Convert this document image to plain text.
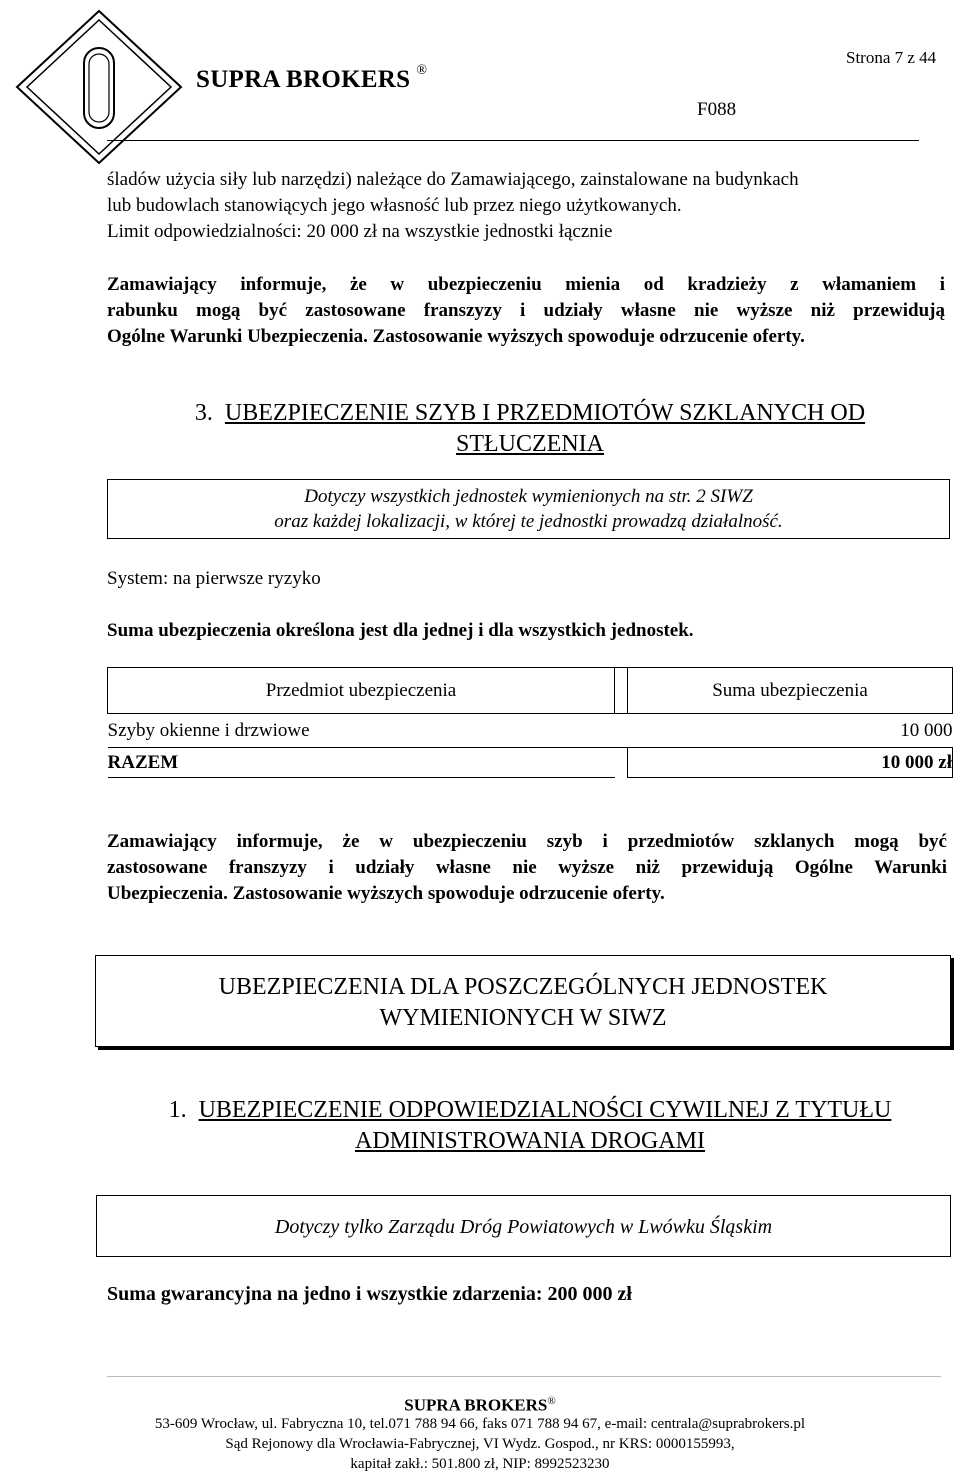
SUPRA BROKERS ®
F088
Strona 7 z 44
śladów użycia siły lub narzędzi) należące do Zamawiającego, zainstalowane na budynkach
lub budowlach stanowiących jego własność lub przez niego użytkowanych.
Limit odpowiedzialności: 20 000 zł na wszystkie jednostki łącznie
Zamawiający informuje, że w ubezpieczeniu mienia od kradzieży z włamaniem i
rabunku mogą być zastosowane franszyzy i udziały własne nie wyższe niż przewidują
Ogólne Warunki Ubezpieczenia. Zastosowanie wyższych spowoduje odrzucenie oferty.
3. UBEZPIECZENIE SZYB I PRZEDMIOTÓW SZKLANYCH OD
STŁUCZENIA
Dotyczy wszystkich jednostek wymienionych na str. 2 SIWZ
oraz każdej lokalizacji, w której te jednostki prowadzą działalność.
System: na pierwsze ryzyko
Suma ubezpieczenia określona jest dla jednej i dla wszystkich jednostek.
Przedmiot ubezpieczenia		Suma ubezpieczenia
Szyby okienne i drzwiowe		10 000
RAZEM		10 000 zł
Zamawiający informuje, że w ubezpieczeniu szyb i przedmiotów szklanych mogą być
zastosowane franszyzy i udziały własne nie wyższe niż przewidują Ogólne Warunki
Ubezpieczenia. Zastosowanie wyższych spowoduje odrzucenie oferty.
UBEZPIECZENIA DLA POSZCZEGÓLNYCH JEDNOSTEK
WYMIENIONYCH W SIWZ
1. UBEZPIECZENIE ODPOWIEDZIALNOŚCI CYWILNEJ Z TYTUŁU
ADMINISTROWANIA DROGAMI
Dotyczy tylko Zarządu Dróg Powiatowych w Lwówku Śląskim
Suma gwarancyjna na jedno i wszystkie zdarzenia: 200 000 zł
SUPRA BROKERS®
53-609 Wrocław, ul. Fabryczna 10, tel.071 788 94 66, faks 071 788 94 67, e-mail: centrala@suprabrokers.pl
Sąd Rejonowy dla Wrocławia-Fabrycznej, VI Wydz. Gospod., nr KRS: 0000155993,
kapitał zakł.: 501.800 zł, NIP: 8992523230
